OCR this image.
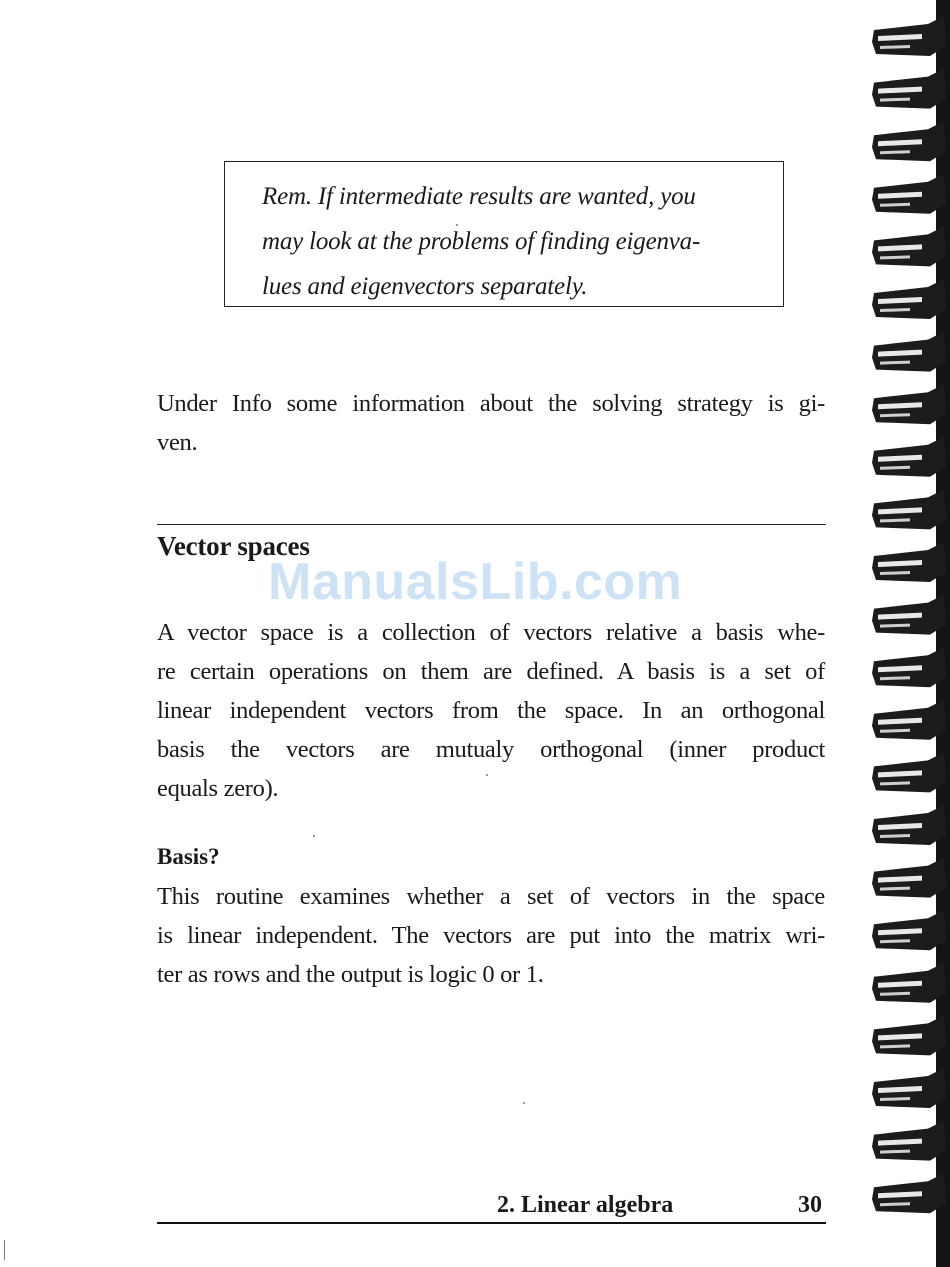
Rem. If intermediate results are wanted, you
may look at the problems of finding eigenva-
lues and eigenvectors separately.

Under Info some information about the solving strategy is gi-
ven.

Vector spaces

ManualsLib.com

A vector space is a collection of vectors relative a basis whe-
re certain operations on them are defined. A basis is a set of
linear independent vectors from the space. In an orthogonal
basis the vectors are mutualy orthogonal (inner product
equals zero).

Basis?

This routine examines whether a set of vectors in the space
is linear independent. The vectors are put into the matrix wri-
ter as rows and the output is logic 0 or 1.

2. Linear algebra	30
